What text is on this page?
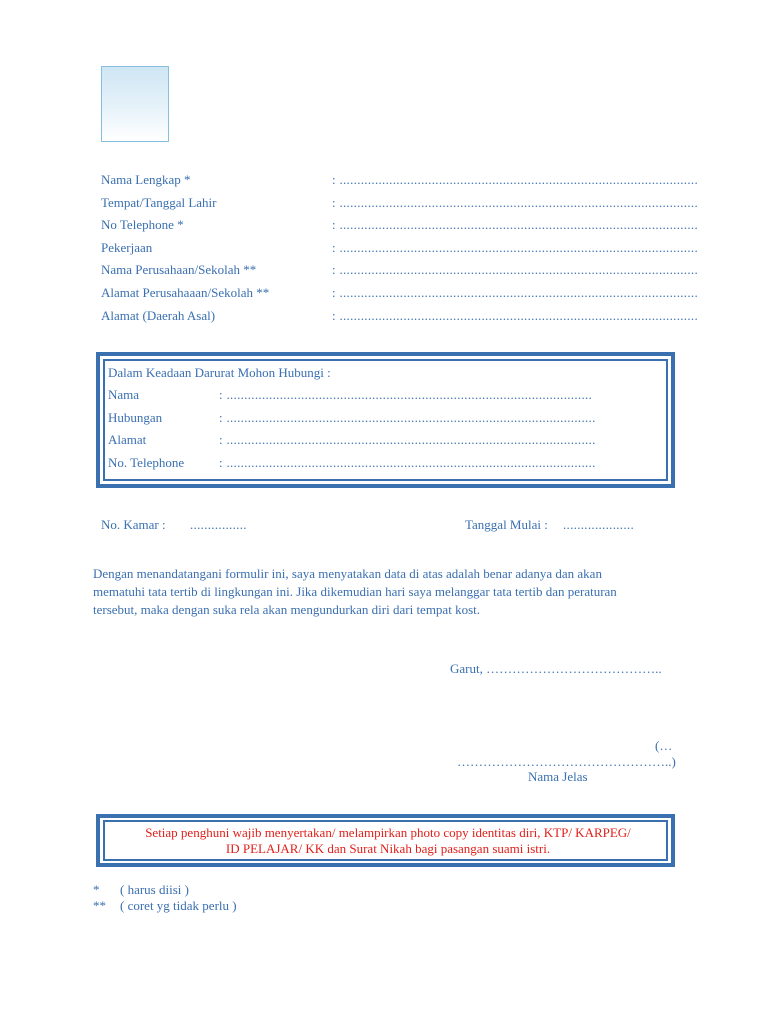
Nama Lengkap *	: .....................................................................................................
Tempat/Tanggal Lahir	: .....................................................................................................
No Telephone *	: .....................................................................................................
Pekerjaan	: .....................................................................................................
Nama Perusahaan/Sekolah **	: .....................................................................................................
Alamat Perusahaaan/Sekolah **	: .....................................................................................................
Alamat (Daerah Asal)	: .....................................................................................................
Dalam Keadaan Darurat Mohon Hubungi :
Nama	: .......................................................................................................
Hubungan	: ........................................................................................................
Alamat	: ........................................................................................................
No. Telephone	: ........................................................................................................
No. Kamar : ................	Tanggal Mulai : ....................

Dengan menandatangani formulir ini, saya menyatakan data di atas adalah benar adanya dan akan

mematuhi tata tertib di lingkungan ini. Jika dikemudian hari saya melanggar tata tertib dan peraturan

tersebut, maka dengan suka rela akan mengundurkan diri dari tempat kost.

Garut, …………………………………..
(…
…………………………………………..)
Nama Jelas
Setiap penghuni wajib menyertakan/ melampirkan photo copy identitas diri, KTP/ KARPEG/
ID PELAJAR/ KK dan Surat Nikah bagi pasangan suami istri.
* ( harus diisi )
** ( coret yg tidak perlu )
